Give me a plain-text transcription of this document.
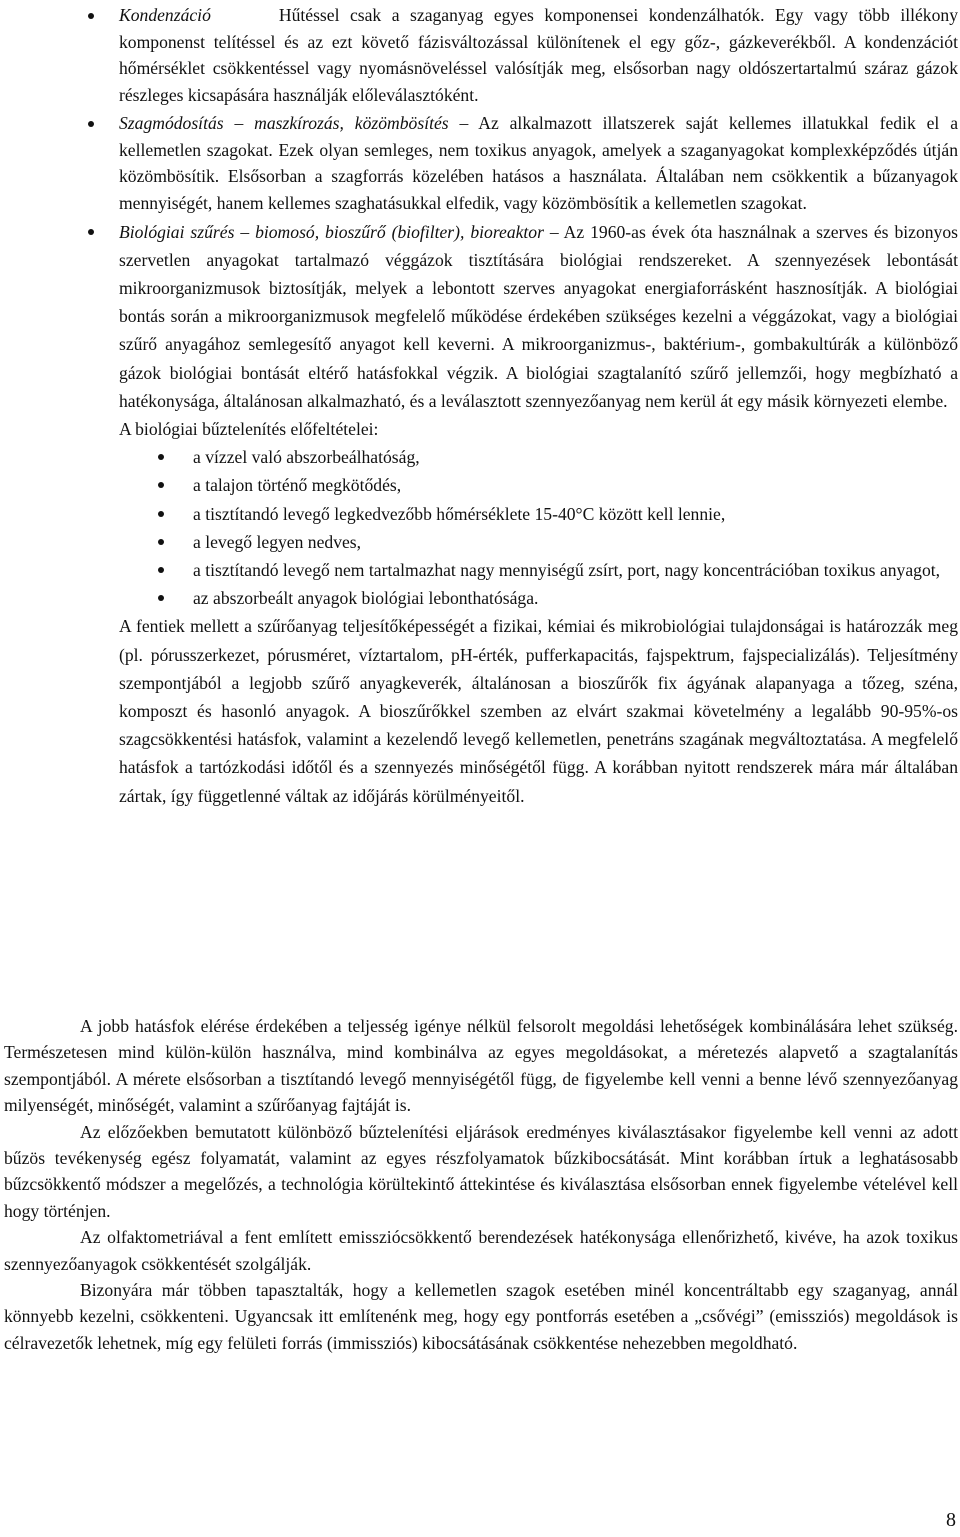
Kondenzáció	Hűtéssel csak a szaganyag egyes komponensei kondenzálhatók. Egy vagy több illékony komponenst telítéssel és az ezt követő fázisváltozással különítenek el egy gőz-, gázkeverékből. A kondenzációt hőmérséklet csökkentéssel vagy nyomásnöveléssel valósítják meg, elsősorban nagy oldószertartalmú száraz gázok részleges kicsapására használják előleválasztóként.
Szagmódosítás – maszkírozás, közömbösítés – Az alkalmazott illatszerek saját kellemes illatukkal fedik el a kellemetlen szagokat. Ezek olyan semleges, nem toxikus anyagok, amelyek a szaganyagokat komplexképződés útján közömbösítik. Elsősorban a szagforrás közelében hatásos a használata. Általában nem csökkentik a bűzanyagok mennyiségét, hanem kellemes szaghatásukkal elfedik, vagy közömbösítik a kellemetlen szagokat.
Biológiai szűrés – biomosó, bioszűrő (biofilter), bioreaktor – Az 1960-as évek óta használnak a szerves és bizonyos szervetlen anyagokat tartalmazó véggázok tisztítására biológiai rendszereket. A szennyezések lebontását mikroorganizmusok biztosítják, melyek a lebontott szerves anyagokat energiaforrásként hasznosítják. A biológiai bontás során a mikroorganizmusok megfelelő működése érdekében szükséges kezelni a véggázokat, vagy a biológiai szűrő anyagához semlegesítő anyagot kell keverni. A mikroorganizmus-, baktérium-, gombakultúrák a különböző gázok biológiai bontását eltérő hatásfokkal végzik. A biológiai szagtalanító szűrő jellemzői, hogy megbízható a hatékonysága, általánosan alkalmazható, és a leválasztott szennyezőanyag nem kerül át egy másik környezeti elembe.

A biológiai bűztelenítés előfeltételei:

a vízzel való abszorbeálhatóság,
a talajon történő megkötődés,
a tisztítandó levegő legkedvezőbb hőmérséklete 15-40°C között kell lennie,
a levegő legyen nedves,
a tisztítandó levegő nem tartalmazhat nagy mennyiségű zsírt, port, nagy koncentrációban toxikus anyagot,
az abszorbeált anyagok biológiai lebonthatósága.

A fentiek mellett a szűrőanyag teljesítőképességét a fizikai, kémiai és mikrobiológiai tulajdonságai is határozzák meg (pl. pórusszerkezet, pórusméret, víztartalom, pH-érték, pufferkapacitás, fajspektrum, fajspecializálás). Teljesítmény szempontjából a legjobb szűrő anyagkeverék, általánosan a bioszűrők fix ágyának alapanyaga a tőzeg, széna, komposzt és hasonló anyagok. A bioszűrőkkel szemben az elvárt szakmai követelmény a legalább 90-95%-os szagcsökkentési hatásfok, valamint a kezelendő levegő kellemetlen, penetráns szagának megváltoztatása. A megfelelő hatásfok a tartózkodási időtől és a szennyezés minőségétől függ. A korábban nyitott rendszerek mára már általában zártak, így függetlenné váltak az időjárás körülményeitől.

A jobb hatásfok elérése érdekében a teljesség igénye nélkül felsorolt megoldási lehetőségek kombinálására lehet szükség. Természetesen mind külön-külön használva, mind kombinálva az egyes megoldásokat, a méretezés alapvető a szagtalanítás szempontjából. A mérete elsősorban a tisztítandó levegő mennyiségétől függ, de figyelembe kell venni a benne lévő szennyezőanyag milyenségét, minőségét, valamint a szűrőanyag fajtáját is.

Az előzőekben bemutatott különböző bűztelenítési eljárások eredményes kiválasztásakor figyelembe kell venni az adott bűzös tevékenység egész folyamatát, valamint az egyes részfolyamatok bűzkibocsátását. Mint korábban írtuk a leghatásosabb bűzcsökkentő módszer a megelőzés, a technológia körültekintő áttekintése és kiválasztása elsősorban ennek figyelembe vételével kell hogy történjen.

Az olfaktometriával a fent említett emissziócsökkentő berendezések hatékonysága ellenőrizhető, kivéve, ha azok toxikus szennyezőanyagok csökkentését szolgálják.

Bizonyára már többen tapasztalták, hogy a kellemetlen szagok esetében minél koncentráltabb egy szaganyag, annál könnyebb kezelni, csökkenteni. Ugyancsak itt említenénk meg, hogy egy pontforrás esetében a „csővégi” (emissziós) megoldások is célravezetők lehetnek, míg egy felületi forrás (immissziós) kibocsátásának csökkentése nehezebben megoldható.

8
